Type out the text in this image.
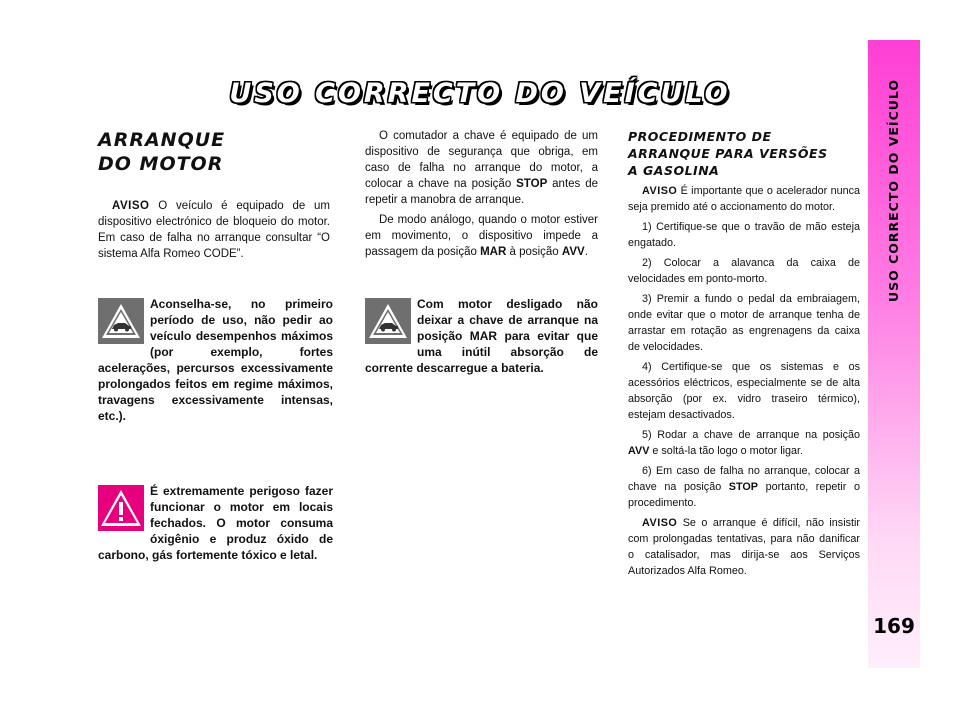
USO CORRECTO DO VEÍCULO
ARRANQUE
DO MOTOR

AVISO O veículo é equipado de um dispositivo electrónico de bloqueio do motor. Em caso de falha no arranque consultar “O sistema Alfa Romeo CODE”.

Aconselha-se, no primeiro período de uso, não pedir ao veículo desempenhos máximos (por exemplo, fortes acelerações, percursos excessivamente prolongados feitos em regime máximos, travagens excessivamente intensas, etc.).
É extremamente perigoso fazer funcionar o motor em locais fechados. O motor consuma óxigênio e produz óxido de carbono, gás fortemente tóxico e letal.

O comutador a chave é equipado de um dispositivo de segurança que obriga, em caso de falha no arranque do motor, a colocar a chave na posição STOP antes de repetir a manobra de arranque.

De modo análogo, quando o motor estiver em movimento, o dispositivo impede a passagem da posição MAR à posição AVV.

Com motor desligado não deixar a chave de arranque na posição MAR para evitar que uma inútil absorção de corrente descarregue a bateria.
PROCEDIMENTO DE
ARRANQUE PARA VERSÕES
A GASOLINA

AVISO É importante que o acelerador nunca seja premido até o accionamento do motor.

1) Certifique-se que o travão de mão esteja engatado.

2) Colocar a alavanca da caixa de velocidades em ponto-morto.

3) Premir a fundo o pedal da embraiagem, onde evitar que o motor de arranque tenha de arrastar em rotação as engrenagens da caixa de velocidades.

4) Certifique-se que os sistemas e os acessórios eléctricos, especialmente se de alta absorção (por ex. vidro traseiro térmico), estejam desactivados.

5) Rodar a chave de arranque na posição AVV e soltá-la tão logo o motor ligar.

6) Em caso de falha no arranque, colocar a chave na posição STOP portanto, repetir o procedimento.

AVISO Se o arranque é difícil, não insistir com prolongadas tentativas, para não danificar o catalisador, mas dirija-se aos Serviços Autorizados Alfa Romeo.

USO CORRECTO DO VEÍCULO
169
